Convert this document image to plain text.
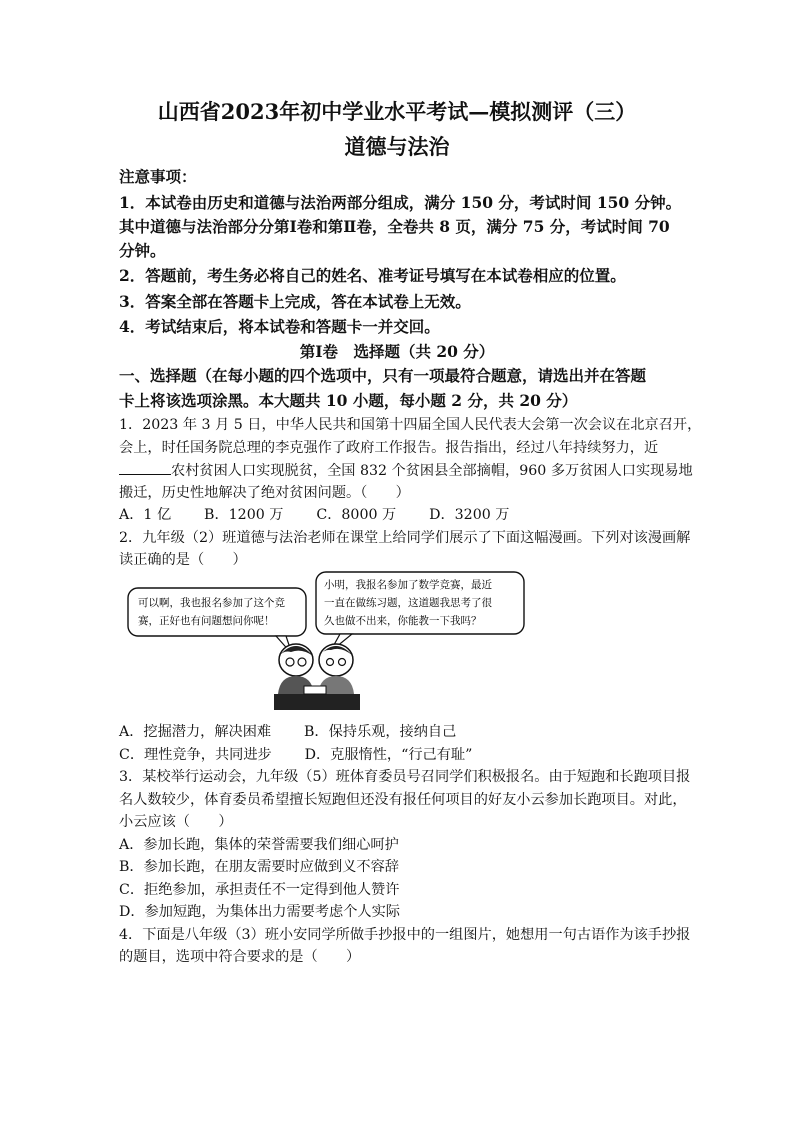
山西省2023年初中学业水平考试—模拟测评（三）
道德与法治
注意事项：
1．本试卷由历史和道德与法治两部分组成，满分 150 分，考试时间 150 分钟。
其中道德与法治部分分第Ⅰ卷和第Ⅱ卷，全卷共 8 页，满分 75 分，考试时间 70
分钟。
2．答题前，考生务必将自己的姓名、准考证号填写在本试卷相应的位置。
3．答案全部在答题卡上完成，答在本试卷上无效。
4．考试结束后，将本试卷和答题卡一并交回。
第Ⅰ卷　选择题（共 20 分）
一、选择题（在每小题的四个选项中，只有一项最符合题意，请选出并在答题
卡上将该选项涂黑。本大题共 10 小题，每小题 2 分，共 20 分）
1．2023 年 3 月 5 日，中华人民共和国第十四届全国人民代表大会第一次会议在北京召开，
会上，时任国务院总理的李克强作了政府工作报告。报告指出，经过八年持续努力，近
农村贫困人口实现脱贫，全国 832 个贫困县全部摘帽，960 多万贫困人口实现易地
搬迁，历史性地解决了绝对贫困问题。（　　）
A．1 亿　　 B．1200 万　　 C．8000 万　　 D．3200 万
2．九年级（2）班道德与法治老师在课堂上给同学们展示了下面这幅漫画。下列对该漫画解
读正确的是（　　）
可以啊，我也报名参加了这个竞
赛，正好也有问题想问你呢！
小明，我报名参加了数学竞赛，最近
一直在做练习题，这道题我思考了很
久也做不出来，你能教一下我吗？
A．挖掘潜力，解决困难　　 B．保持乐观，接纳自己
C．理性竞争，共同进步　　 D．克服惰性，“行己有耻”
3．某校举行运动会，九年级（5）班体育委员号召同学们积极报名。由于短跑和长跑项目报
名人数较少，体育委员希望擅长短跑但还没有报任何项目的好友小云参加长跑项目。对此，
小云应该（　　）
A．参加长跑，集体的荣誉需要我们细心呵护
B．参加长跑，在朋友需要时应做到义不容辞
C．拒绝参加，承担责任不一定得到他人赞许
D．参加短跑，为集体出力需要考虑个人实际
4．下面是八年级（3）班小安同学所做手抄报中的一组图片，她想用一句古语作为该手抄报
的题目，选项中符合要求的是（　　）
